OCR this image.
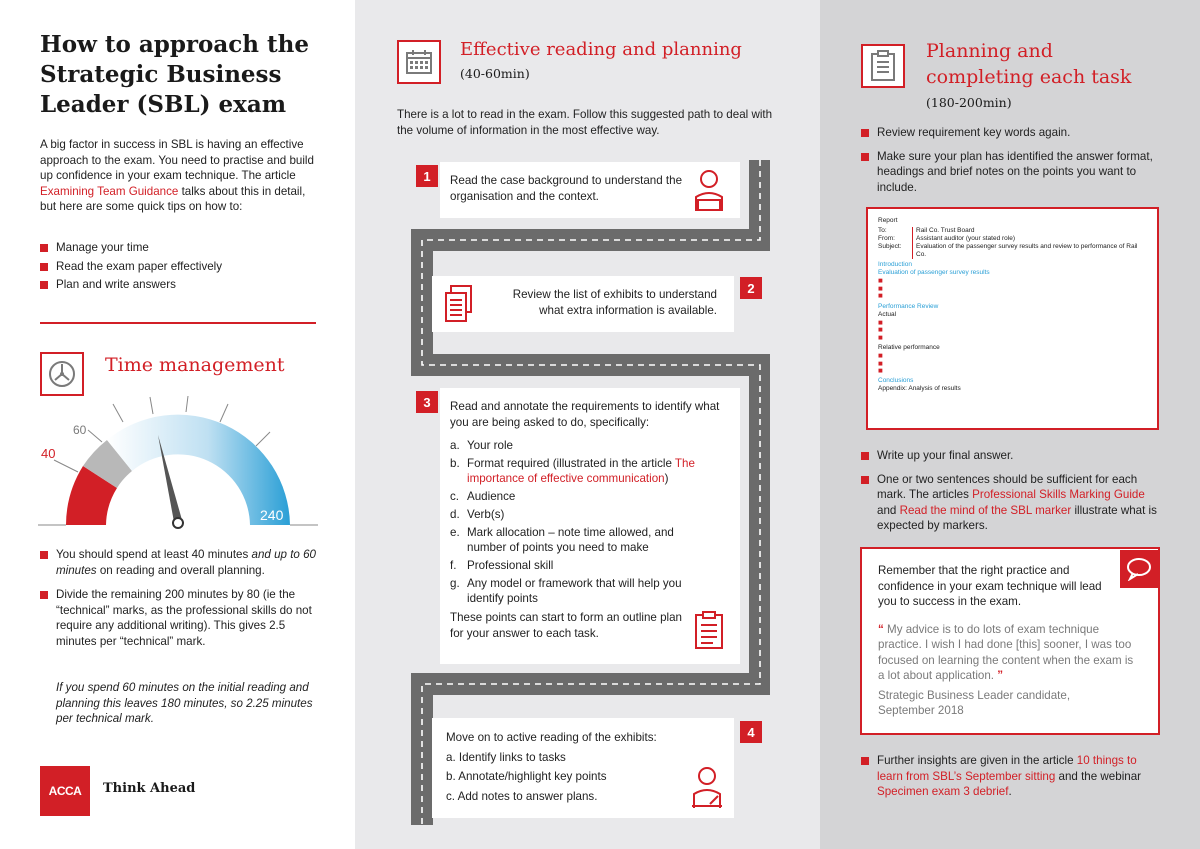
How to approach the Strategic Business Leader (SBL) exam

A big factor in success in SBL is having an effective approach to the exam. You need to practise and build up confidence in your exam technique. The article Examining Team Guidance talks about this in detail, but here are some quick tips on how to:

Manage your time
Read the exam paper effectively
Plan and write answers
Time management
40
60
240
You should spend at least 40 minutes and up to 60 minutes on reading and overall planning.
Divide the remaining 200 minutes by 80 (ie the “technical” marks, as the professional skills do not require any additional writing). This gives 2.5 minutes per “technical” mark.

If you spend 60 minutes on the initial reading and planning this leaves 180 minutes, so 2.25 minutes per technical mark.

ACCA	Think Ahead
Effective reading and planning
(40-60min)

There is a lot to read in the exam. Follow this suggested path to deal with the volume of information in the most effective way.

Read the case background to understand the organisation and the context.

1

Review the list of exhibits to understand what extra information is available.

2

Read and annotate the requirements to identify what you are being asked to do, specifically:

a. Your role
b. Format required (illustrated in the article The importance of effective communication)
c. Audience
d. Verb(s)
e. Mark allocation – note time allowed, and number of points you need to make
f. Professional skill
g. Any model or framework that will help you identify points

These points can start to form an outline plan for your answer to each task.

3

Move on to active reading of the exhibits:

a. Identify links to tasks

b. Annotate/highlight key points

c. Add notes to answer plans.

4
Planning and completing each task
(180-200min)
Review requirement key words again.
Make sure your plan has identified the answer format, headings and brief notes on the points you want to include.
Report
To:	Rail Co. Trust Board
From:	Assistant auditor (your stated role)
Subject:	Evaluation of the passenger survey results and review to performance of Rail Co.
Introduction
Evaluation of passenger survey results
■
■
■
Performance Review
Actual
■
■
■
Relative performance
■
■
■
Conclusions
Appendix: Analysis of results
Write up your final answer.
One or two sentences should be sufficient for each mark. The articles Professional Skills Marking Guide and Read the mind of the SBL marker illustrate what is expected by markers.

Remember that the right practice and confidence in your exam technique will lead you to success in the exam.

“ My advice is to do lots of exam technique practice. I wish I had done [this] sooner, I was too focused on learning the content when the exam is a lot about application. ”

Strategic Business Leader candidate, September 2018

Further insights are given in the article 10 things to learn from SBL’s September sitting and the webinar Specimen exam 3 debrief.
